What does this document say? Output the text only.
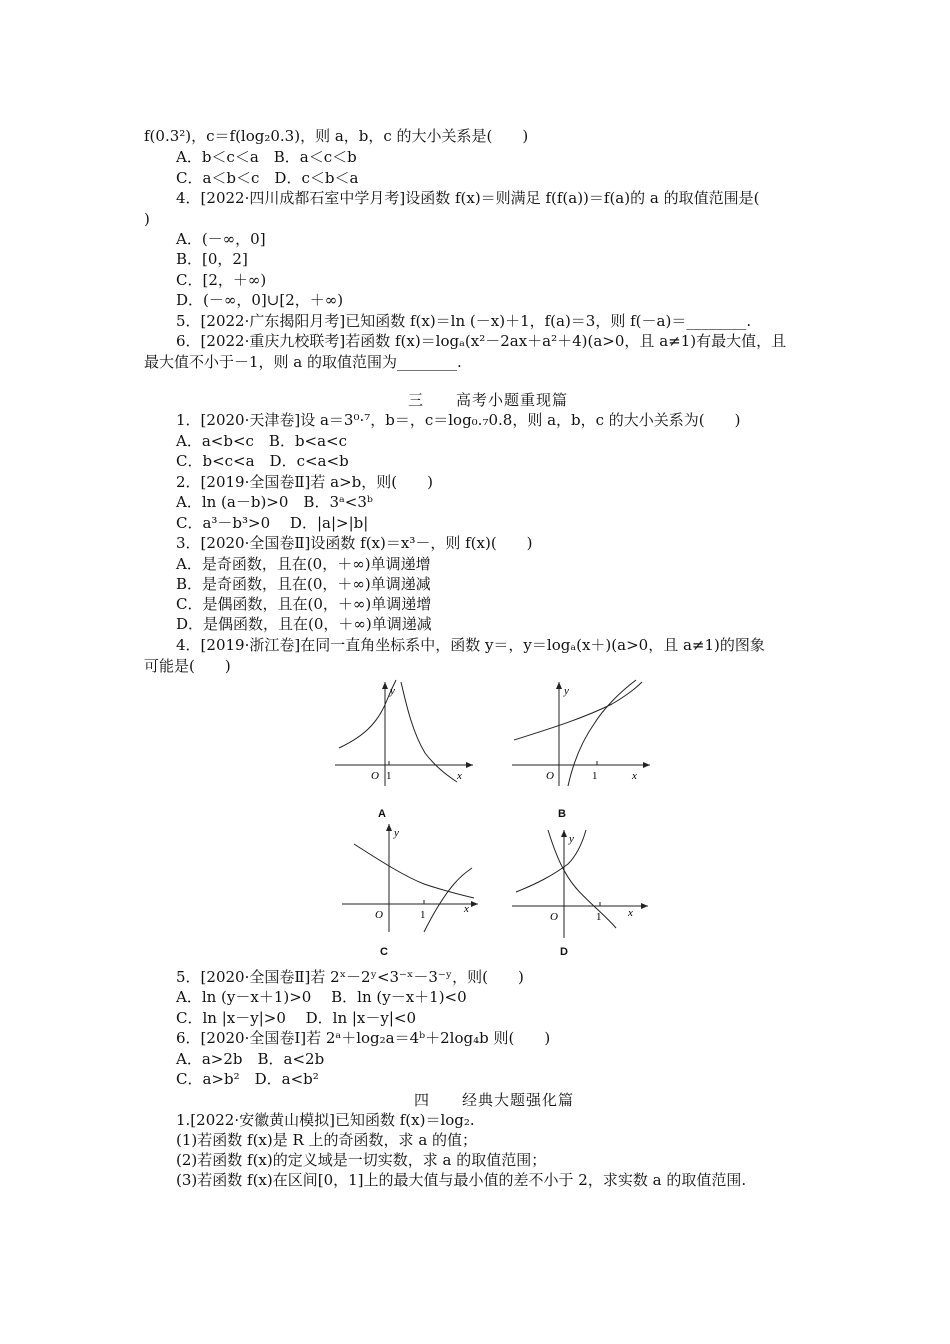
f(0.3²)，c＝f(log₂0.3)，则 a，b，c 的大小关系是(　　)
A．b＜c＜a　B．a＜c＜b
C．a＜b＜c　D．c＜b＜a
4．[2022·四川成都石室中学月考]设函数 f(x)＝则满足 f(f(a))＝f(a)的 a 的取值范围是(
)
A．(－∞，0]
B．[0，2]
C．[2，＋∞)
D．(－∞，0]∪[2，＋∞)
5．[2022·广东揭阳月考]已知函数 f(x)＝ln (－x)＋1，f(a)＝3，则 f(－a)＝________.
6．[2022·重庆九校联考]若函数 f(x)＝logₐ(x²－2ax＋a²＋4)(a>0，且 a≠1)有最大值，且
最大值不小于－1，则 a 的取值范围为________.
三　　高考小题重现篇
1．[2020·天津卷]设 a＝3⁰·⁷，b＝，c＝log₀.₇0.8，则 a，b，c 的大小关系为(　　)
A．a<b<c　B．b<a<c
C．b<c<a　D．c<a<b
2．[2019·全国卷Ⅱ]若 a>b，则(　　)
A．ln (a－b)>0　B．3ᵃ<3ᵇ
C．a³－b³>0　 D．|a|>|b|
3．[2020·全国卷Ⅱ]设函数 f(x)＝x³－，则 f(x)(　　)
A．是奇函数，且在(0，＋∞)单调递增
B．是奇函数，且在(0，＋∞)单调递减
C．是偶函数，且在(0，＋∞)单调递增
D．是偶函数，且在(0，＋∞)单调递减
4．[2019·浙江卷]在同一直角坐标系中，函数 y＝，y＝logₐ(x＋)(a>0，且 a≠1)的图象
可能是(　　)
O 1	x
y
A
O	1	x
y
B
O	1	x
y
C
O	1 x
y
D
5．[2020·全国卷Ⅱ]若 2ˣ－2ʸ<3⁻ˣ－3⁻ʸ，则(　　)
A．ln (y－x＋1)>0　 B．ln (y－x＋1)<0
C．ln |x－y|>0　 D．ln |x－y|<0
6．[2020·全国卷Ⅰ]若 2ᵃ＋log₂a＝4ᵇ＋2log₄b 则(　　)
A．a>2b　B．a<2b
C．a>b²　D．a<b²
四　　经典大题强化篇
1.[2022·安徽黄山模拟]已知函数 f(x)＝log₂.
(1)若函数 f(x)是 R 上的奇函数，求 a 的值；
(2)若函数 f(x)的定义域是一切实数，求 a 的取值范围；
(3)若函数 f(x)在区间[0，1]上的最大值与最小值的差不小于 2，求实数 a 的取值范围.
